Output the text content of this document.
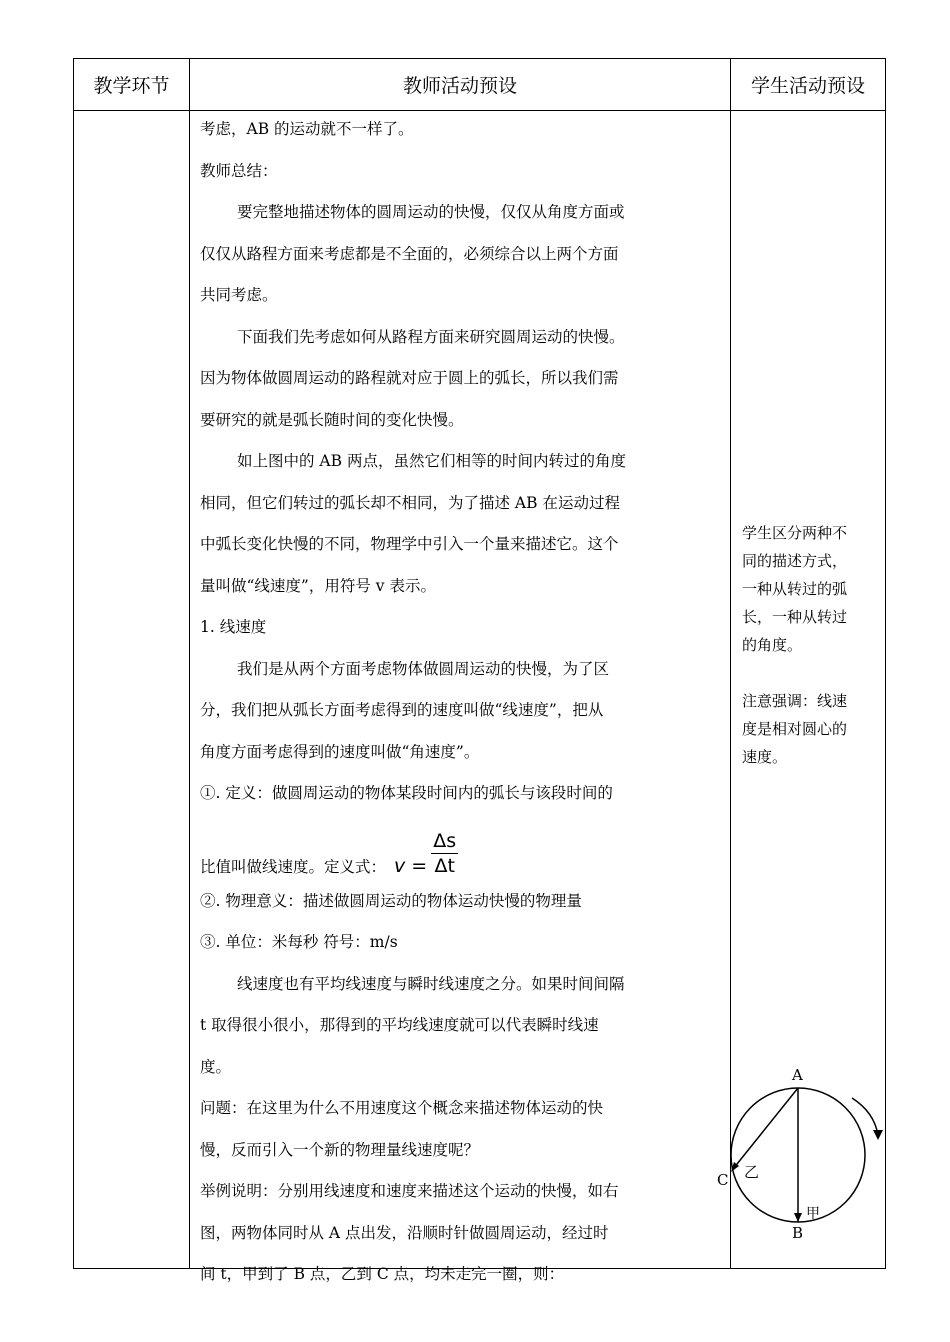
教学环节	教师活动预设	学生活动预设
考虑，AB 的运动就不一样了。
教师总结：
要完整地描述物体的圆周运动的快慢，仅仅从角度方面或
仅仅从路程方面来考虑都是不全面的，必须综合以上两个方面
共同考虑。
下面我们先考虑如何从路程方面来研究圆周运动的快慢。
因为物体做圆周运动的路程就对应于圆上的弧长，所以我们需
要研究的就是弧长随时间的变化快慢。
如上图中的 AB 两点，虽然它们相等的时间内转过的角度
相同，但它们转过的弧长却不相同，为了描述 AB 在运动过程
中弧长变化快慢的不同，物理学中引入一个量来描述它。这个
量叫做“线速度”，用符号 v 表示。
1. 线速度
我们是从两个方面考虑物体做圆周运动的快慢，为了区
分，我们把从弧长方面考虑得到的速度叫做“线速度”，把从
角度方面考虑得到的速度叫做“角速度”。
①. 定义：做圆周运动的物体某段时间内的弧长与该段时间的
比值叫做线速度。定义式： $v = \frac{\Delta s}{\Delta t}$
②. 物理意义：描述做圆周运动的物体运动快慢的物理量
③. 单位：米每秒 符号：m/s
线速度也有平均线速度与瞬时线速度之分。如果时间间隔
t 取得很小很小，那得到的平均线速度就可以代表瞬时线速
度。
问题：在这里为什么不用速度这个概念来描述物体运动的快
慢，反而引入一个新的物理量线速度呢？
举例说明：分别用线速度和速度来描述这个运动的快慢，如右
图，两物体同时从 A 点出发，沿顺时针做圆周运动，经过时
间 t，甲到了 B 点，乙到 C 点，均未走完一圈，则：

学生区分两种不
同的描述方式，
一种从转过的弧
长，一种从转过
的角度。

注意强调：线速
度是相对圆心的
速度。

A
B
C
甲
乙
